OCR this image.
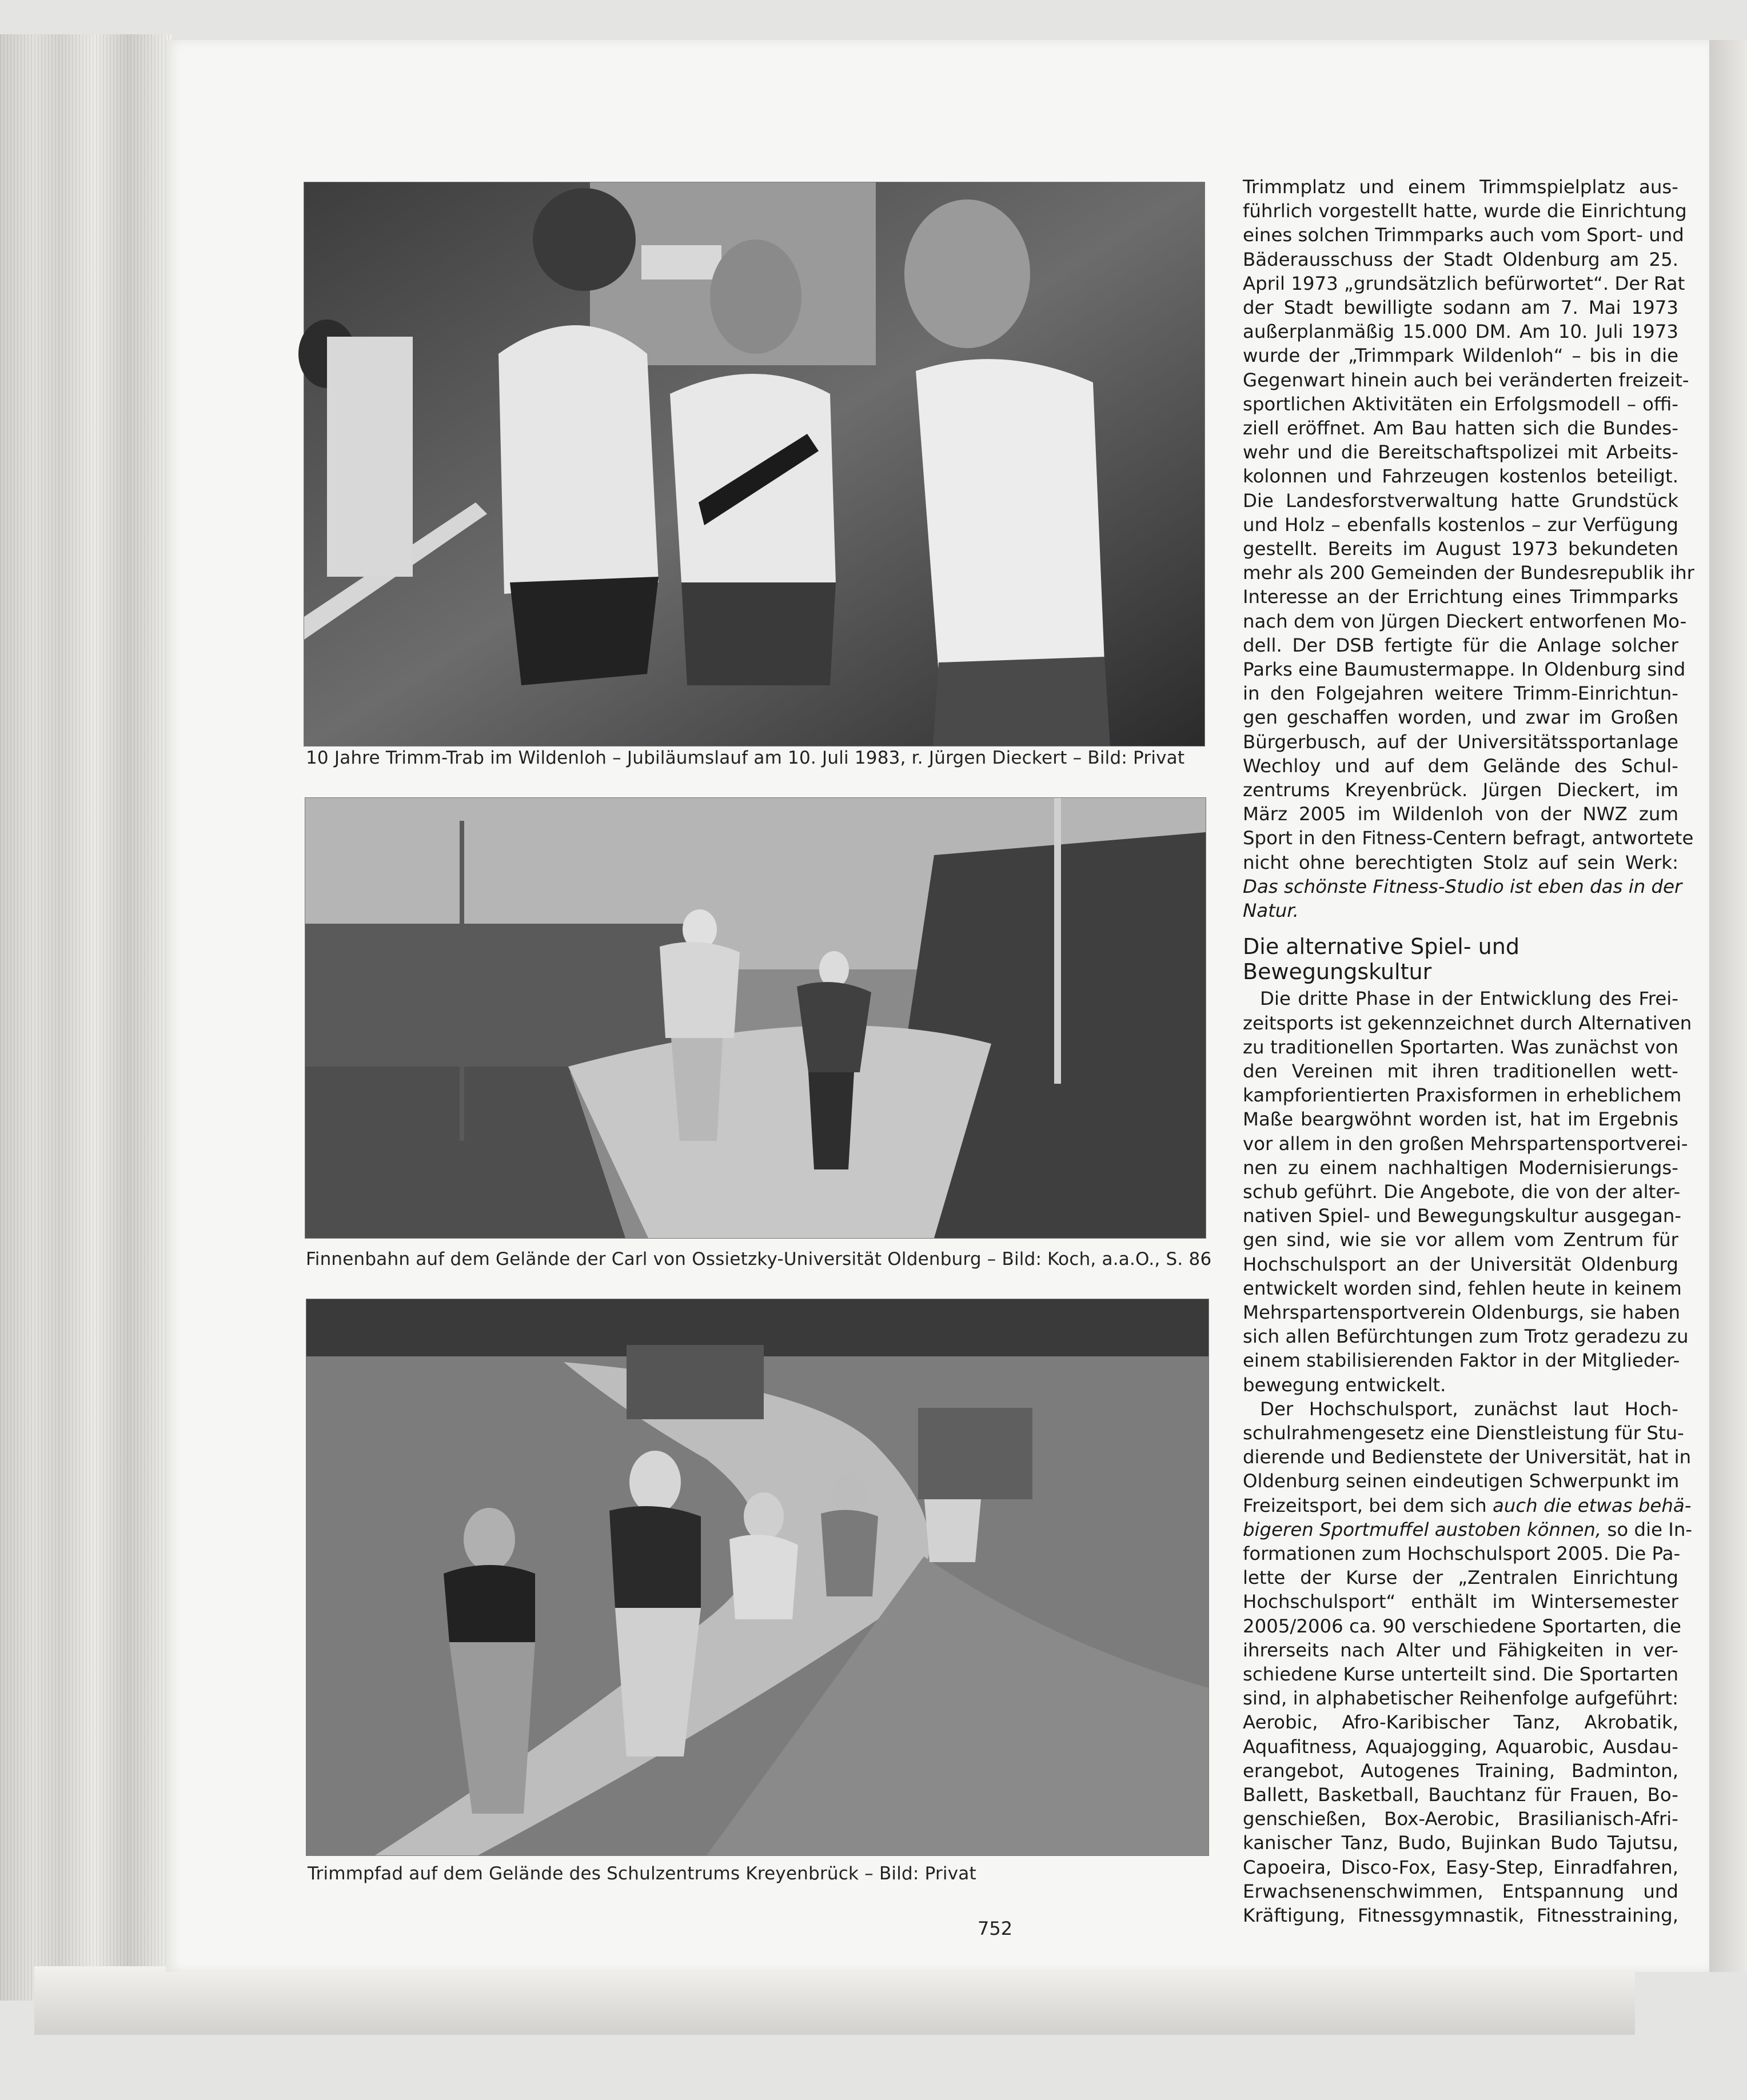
10 Jahre Trimm-Trab im Wildenloh – Jubiläumslauf am 10. Juli 1983, r. Jürgen Dieckert – Bild: Privat
Finnenbahn auf dem Gelände der Carl von Ossietzky-Universität Oldenburg – Bild: Koch, a.a.O., S. 86
Trimmpfad auf dem Gelände des Schulzentrums Kreyenbrück – Bild: Privat
Trimmplatz und einem Trimmspielplatz aus-
führlich vorgestellt hatte, wurde die Einrichtung
eines solchen Trimmparks auch vom Sport- und
Bäderausschuss der Stadt Oldenburg am 25.
April 1973 „grundsätzlich befürwortet“. Der Rat
der Stadt bewilligte sodann am 7. Mai 1973
außerplanmäßig 15.000 DM. Am 10. Juli 1973
wurde der „Trimmpark Wildenloh“ – bis in die
Gegenwart hinein auch bei veränderten freizeit-
sportlichen Aktivitäten ein Erfolgsmodell – offi-
ziell eröffnet. Am Bau hatten sich die Bundes-
wehr und die Bereitschaftspolizei mit Arbeits-
kolonnen und Fahrzeugen kostenlos beteiligt.
Die Landesforstverwaltung hatte Grundstück
und Holz – ebenfalls kostenlos – zur Verfügung
gestellt. Bereits im August 1973 bekundeten
mehr als 200 Gemeinden der Bundesrepublik ihr
Interesse an der Errichtung eines Trimmparks
nach dem von Jürgen Dieckert entworfenen Mo-
dell. Der DSB fertigte für die Anlage solcher
Parks eine Baumustermappe. In Oldenburg sind
in den Folgejahren weitere Trimm-Einrichtun-
gen geschaffen worden, und zwar im Großen
Bürgerbusch, auf der Universitätssportanlage
Wechloy und auf dem Gelände des Schul-
zentrums Kreyenbrück. Jürgen Dieckert, im
März 2005 im Wildenloh von der NWZ zum
Sport in den Fitness-Centern befragt, antwortete
nicht ohne berechtigten Stolz auf sein Werk:
Das schönste Fitness-Studio ist eben das in der
Natur.
Die alternative Spiel- und
Bewegungskultur
Die dritte Phase in der Entwicklung des Frei-
zeitsports ist gekennzeichnet durch Alternativen
zu traditionellen Sportarten. Was zunächst von
den Vereinen mit ihren traditionellen wett-
kampforientierten Praxisformen in erheblichem
Maße beargwöhnt worden ist, hat im Ergebnis
vor allem in den großen Mehrspartensportverei-
nen zu einem nachhaltigen Modernisierungs-
schub geführt. Die Angebote, die von der alter-
nativen Spiel- und Bewegungskultur ausgegan-
gen sind, wie sie vor allem vom Zentrum für
Hochschulsport an der Universität Oldenburg
entwickelt worden sind, fehlen heute in keinem
Mehrspartensportverein Oldenburgs, sie haben
sich allen Befürchtungen zum Trotz geradezu zu
einem stabilisierenden Faktor in der Mitglieder-
bewegung entwickelt.
Der Hochschulsport, zunächst laut Hoch-
schulrahmengesetz eine Dienstleistung für Stu-
dierende und Bedienstete der Universität, hat in
Oldenburg seinen eindeutigen Schwerpunkt im
Freizeitsport, bei dem sich auch die etwas behä-
bigeren Sportmuffel austoben können, so die In-
formationen zum Hochschulsport 2005. Die Pa-
lette der Kurse der „Zentralen Einrichtung
Hochschulsport“ enthält im Wintersemester
2005/2006 ca. 90 verschiedene Sportarten, die
ihrerseits nach Alter und Fähigkeiten in ver-
schiedene Kurse unterteilt sind. Die Sportarten
sind, in alphabetischer Reihenfolge aufgeführt:
Aerobic, Afro-Karibischer Tanz, Akrobatik,
Aquafitness, Aquajogging, Aquarobic, Ausdau-
erangebot, Autogenes Training, Badminton,
Ballett, Basketball, Bauchtanz für Frauen, Bo-
genschießen, Box-Aerobic, Brasilianisch-Afri-
kanischer Tanz, Budo, Bujinkan Budo Tajutsu,
Capoeira, Disco-Fox, Easy-Step, Einradfahren,
Erwachsenenschwimmen, Entspannung und
Kräftigung, Fitnessgymnastik, Fitnesstraining,
752
